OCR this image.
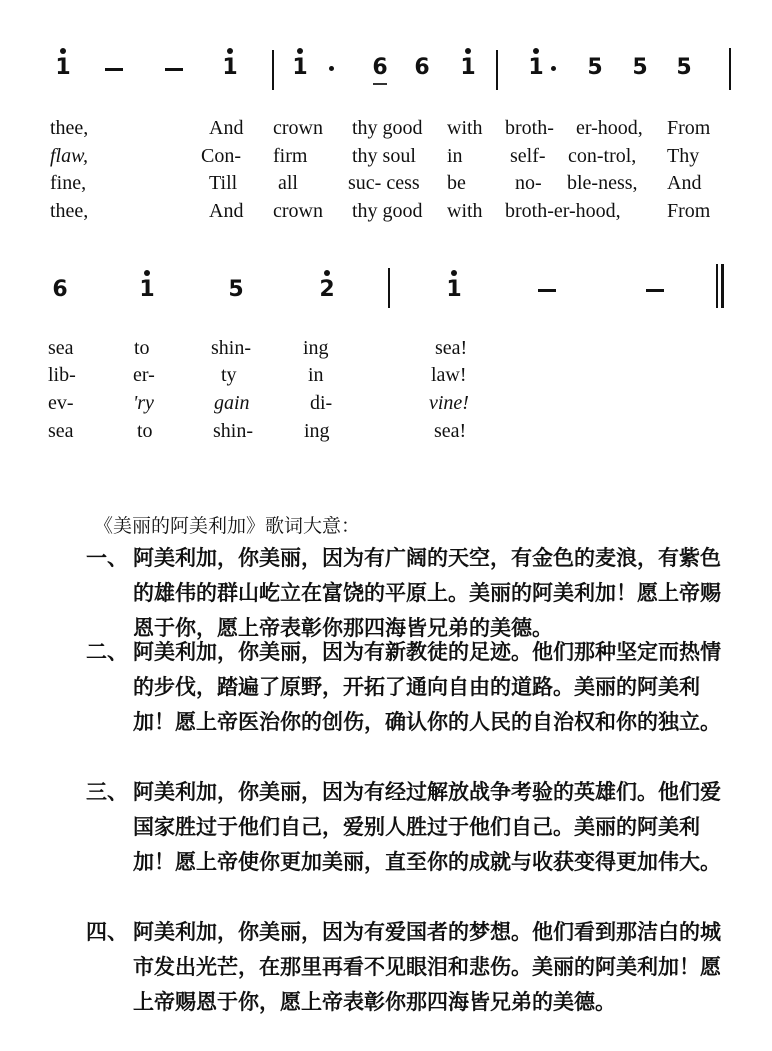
1	1 1	6 6 1 1 5 5 5
thee,	And crown thy good with broth- er-hood, From
flaw,	Con- firm thy soul in self- con-trol, Thy
fine,	Till all	suc- cess be no- ble-ness, And
thee,	And crown thy good with broth-er-hood, From
6	1	5	2	1
sea	to	shin-	ing	sea!
lib-	er-	ty	in	law!
ev-	'ry	gain	di-	vine!
sea	to	shin-	ing	sea!
《美丽的阿美利加》歌词大意：
一、 阿美利加，你美丽，因为有广阔的天空，有金色的麦浪，有紫色的雄伟的群山屹立在富饶的平原上。美丽的阿美利加！愿上帝赐恩于你，愿上帝表彰你那四海皆兄弟的美德。
二、 阿美利加，你美丽，因为有新教徒的足迹。他们那种坚定而热情的步伐，踏遍了原野，开拓了通向自由的道路。美丽的阿美利加！愿上帝医治你的创伤，确认你的人民的自治权和你的独立。
三、 阿美利加，你美丽，因为有经过解放战争考验的英雄们。他们爱国家胜过于他们自己，爱别人胜过于他们自己。美丽的阿美利加！愿上帝使你更加美丽，直至你的成就与收获变得更加伟大。
四、 阿美利加，你美丽，因为有爱国者的梦想。他们看到那洁白的城市发出光芒，在那里再看不见眼泪和悲伤。美丽的阿美利加！愿上帝赐恩于你，愿上帝表彰你那四海皆兄弟的美德。
